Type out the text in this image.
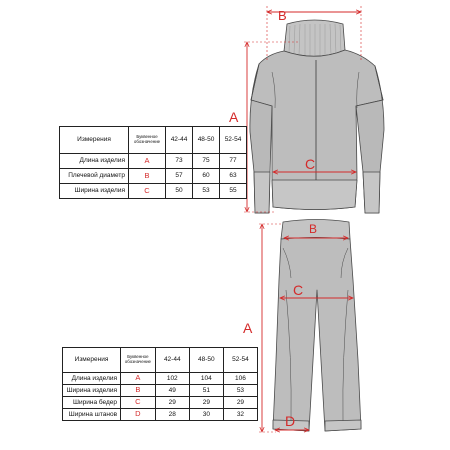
B
A
C
B
A
C
D
Измерения	Буквенное обозначение	42-44	48-50	52-54
Длина изделия	A	73	75	77
Плечевой диаметр	B	57	60	63
Ширина изделия	C	50	53	55
Измерения	Буквенное обозначение	42-44	48-50	52-54
Длина изделия	A	102	104	106
Ширина изделия	B	49	51	53
Ширина бедер	C	29	29	29
Ширина штанов	D	28	30	32
